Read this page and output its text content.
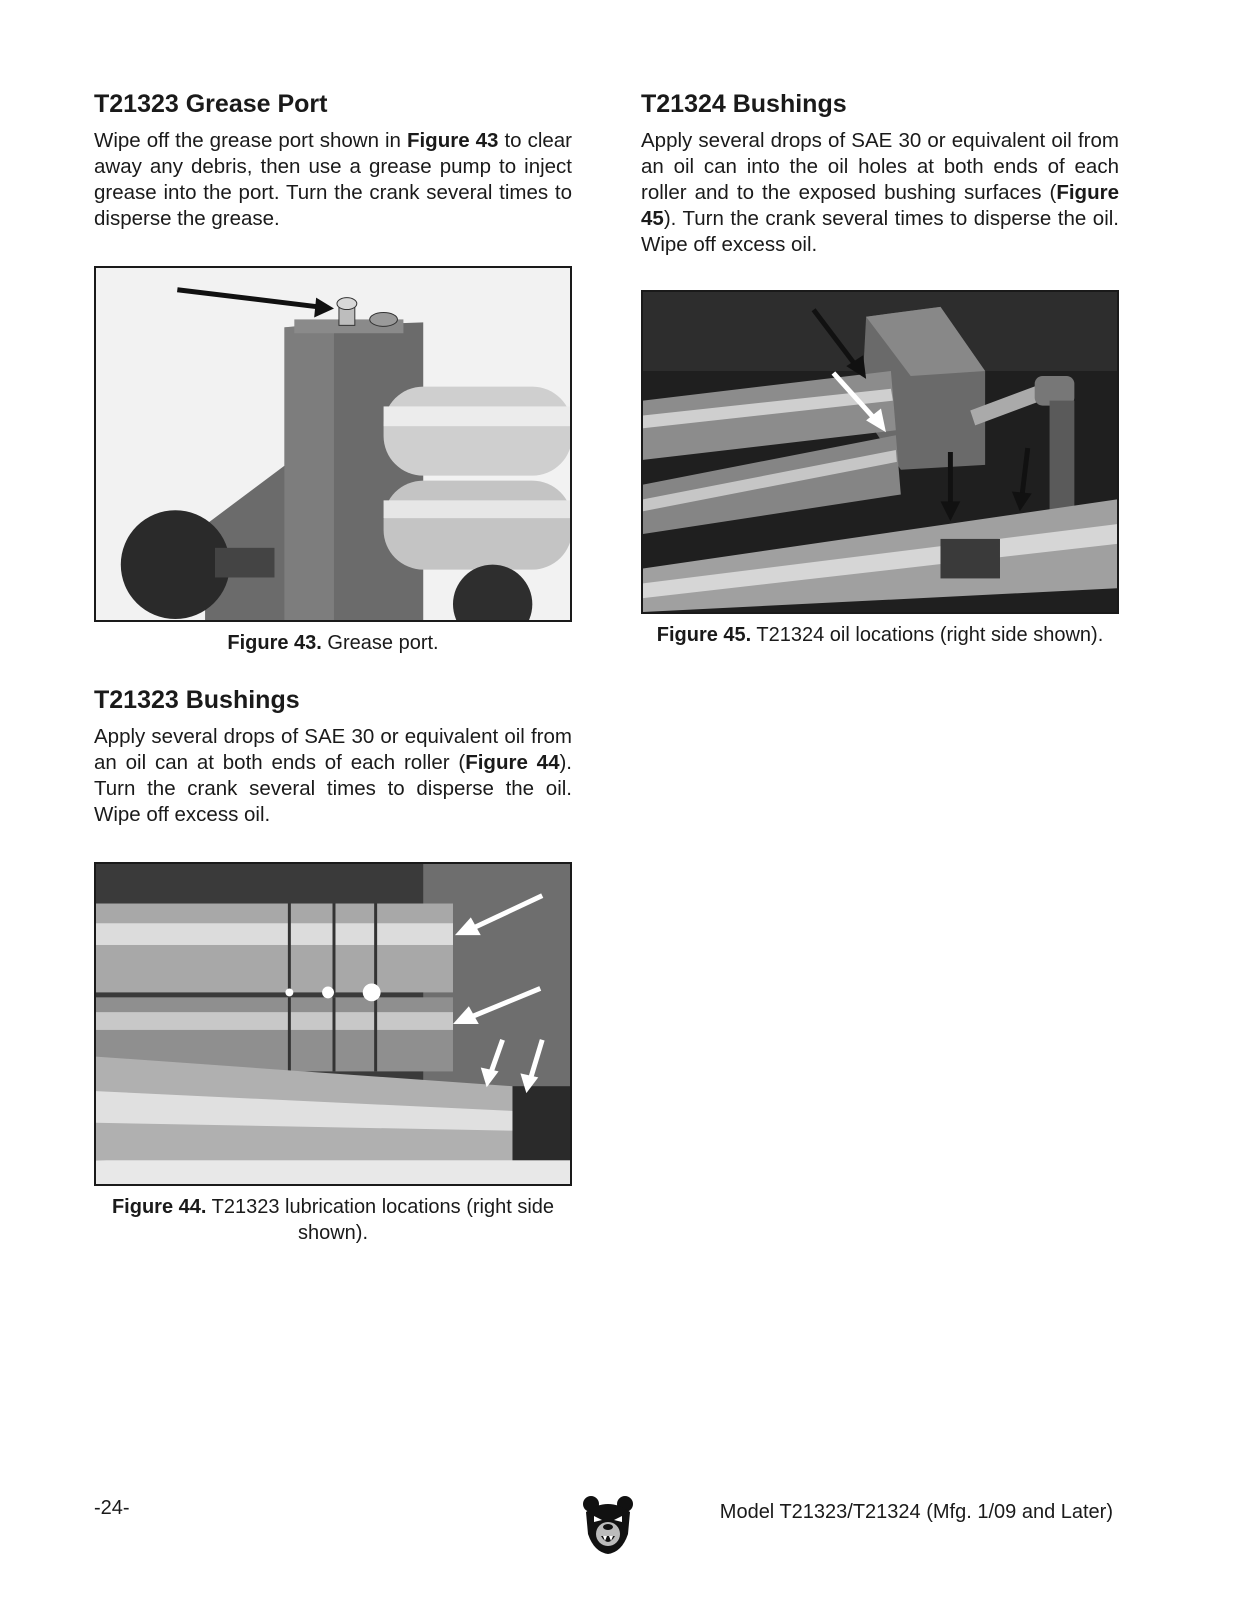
T21323 Grease Port

Wipe off the grease port shown in Figure 43 to clear away any debris, then use a grease pump to inject grease into the port. Turn the crank several times to disperse the grease.

Figure 43. Grease port.
T21323 Bushings

Apply several drops of SAE 30 or equivalent oil from an oil can at both ends of each roller (Figure 44). Turn the crank several times to disperse the oil. Wipe off excess oil.

Figure 44. T21323 lubrication locations (right side shown).
T21324 Bushings

Apply several drops of SAE 30 or equivalent oil from an oil can into the oil holes at both ends of each roller and to the exposed bushing surfaces (Figure 45). Turn the crank several times to disperse the oil. Wipe off excess oil.

Figure 45. T21324 oil locations (right side shown).
-24-	Model T21323/T21324 (Mfg. 1/09 and Later)
